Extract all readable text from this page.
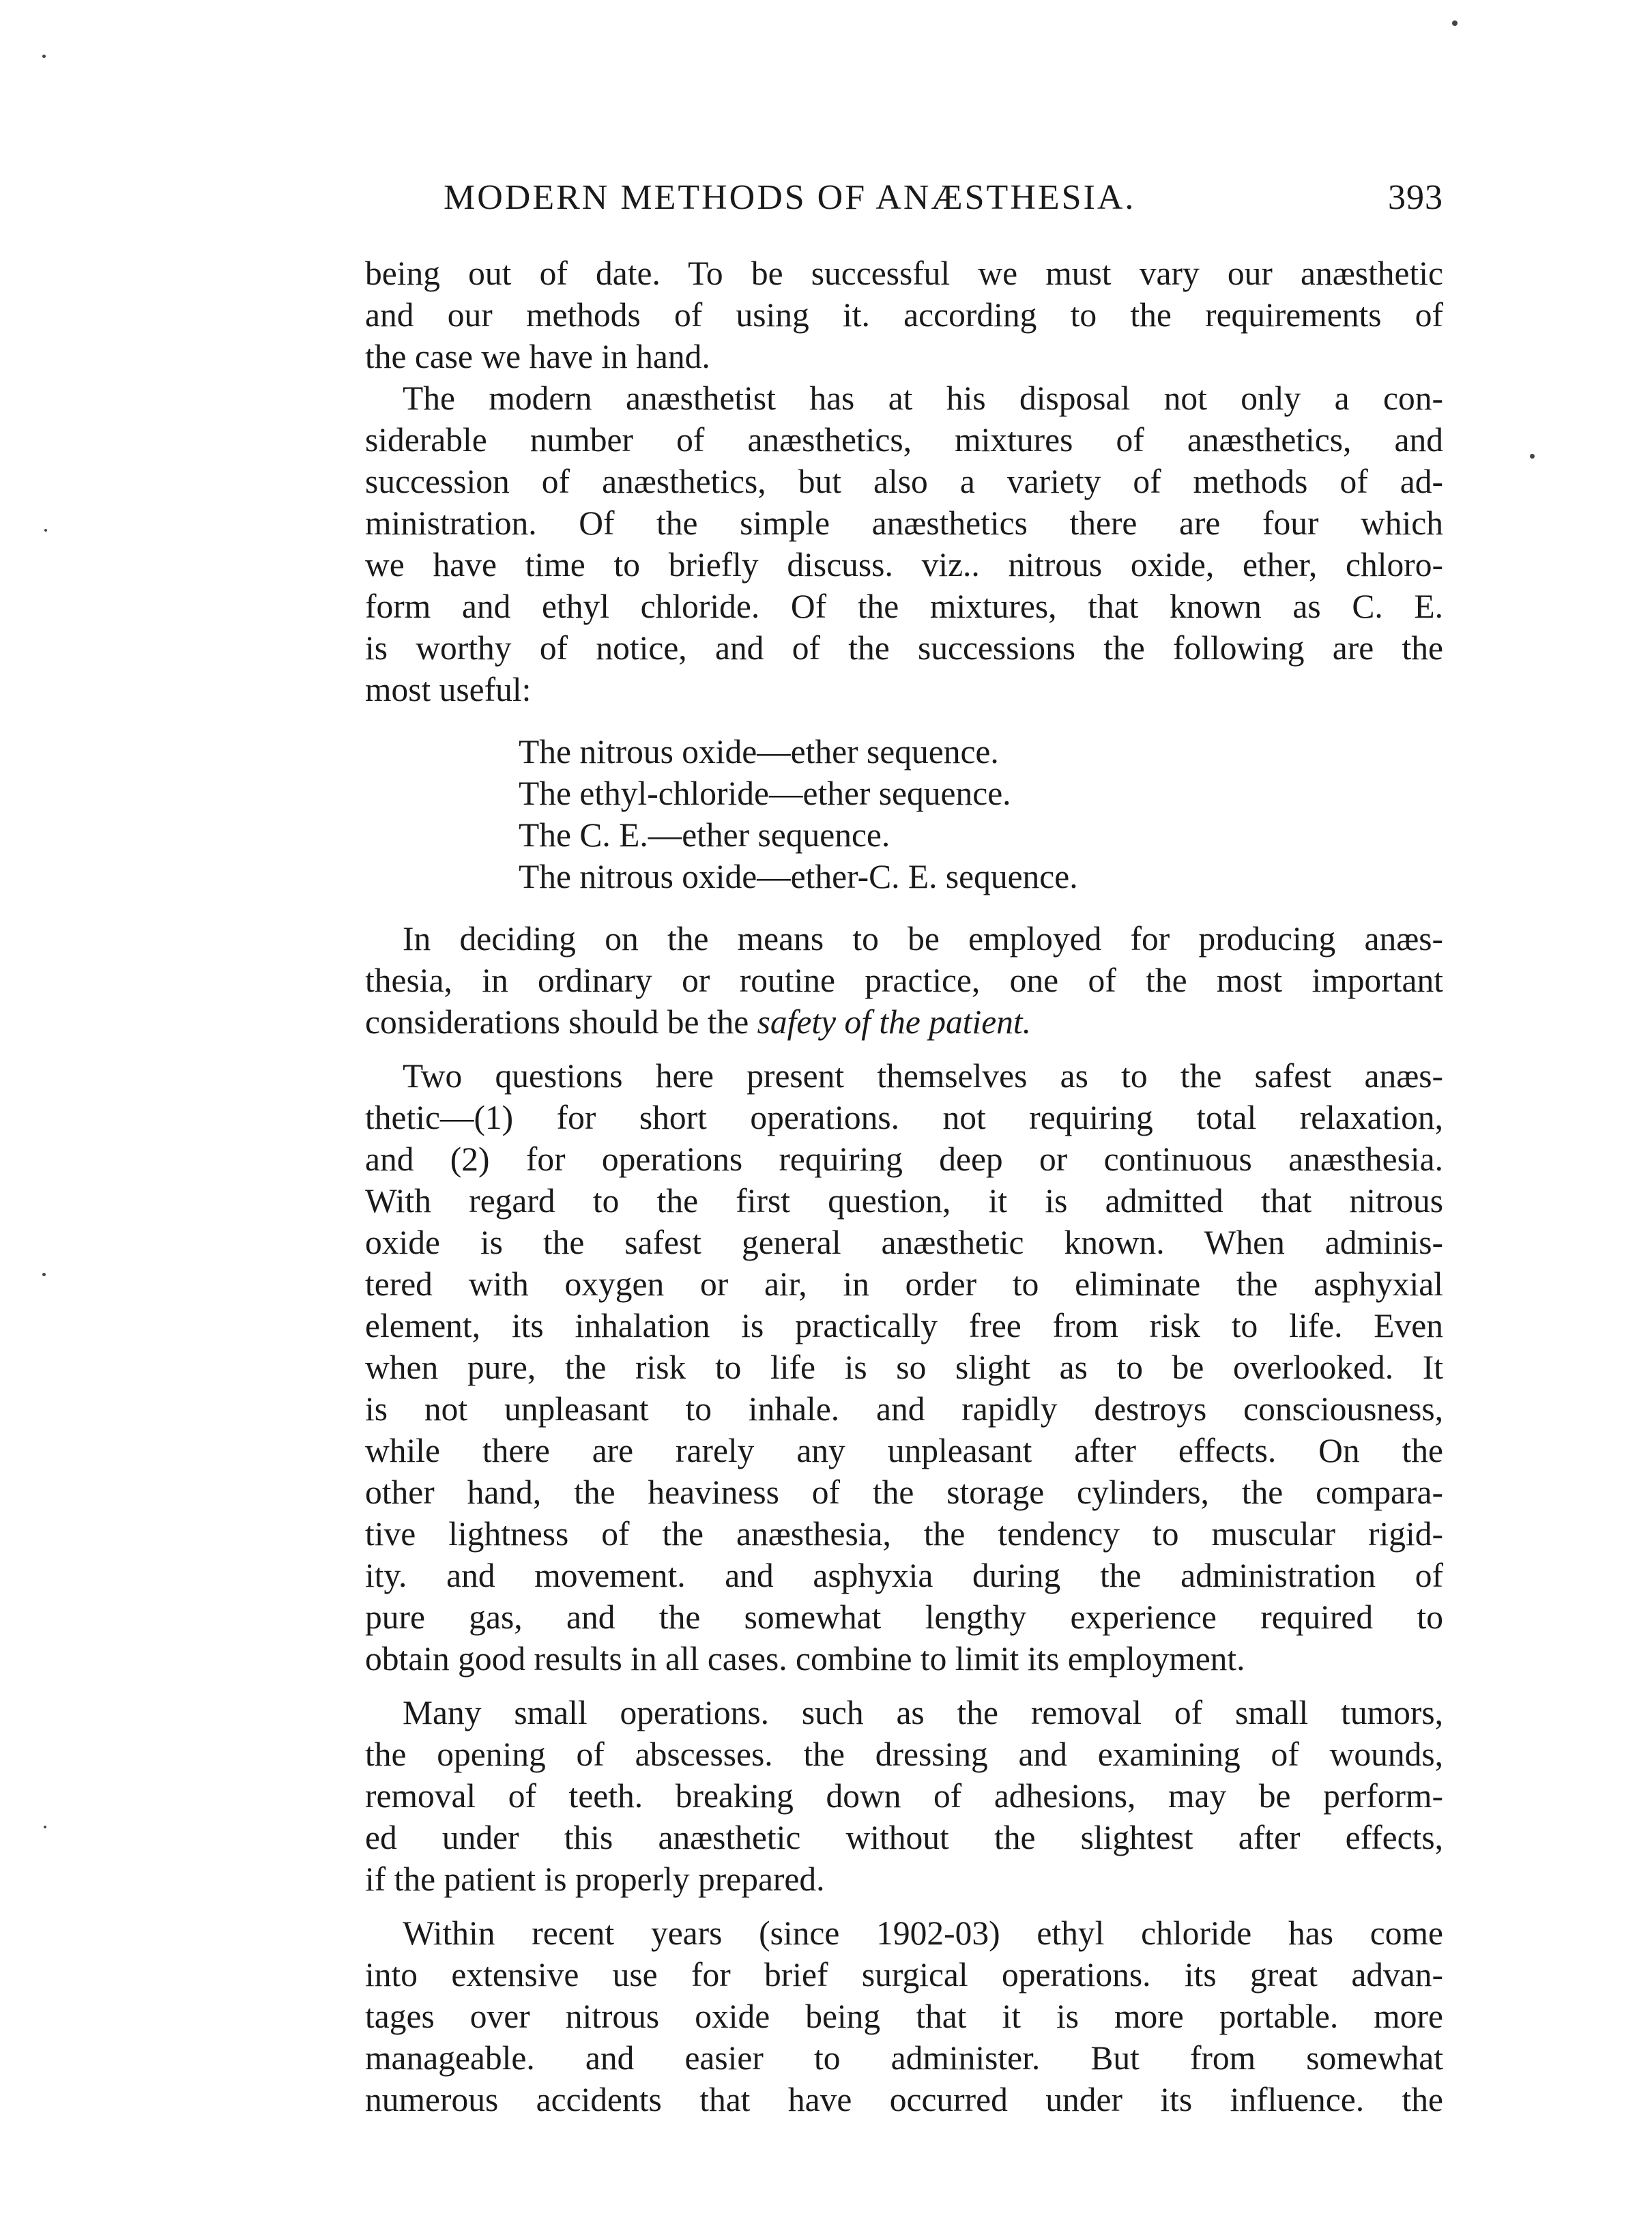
MODERN METHODS OF ANÆSTHESIA.	393

being out of date. To be successful we must vary our anæsthetic
and our methods of using it. according to the requirements of
the case we have in hand.

The modern anæsthetist has at his disposal not only a con-
siderable number of anæsthetics, mixtures of anæsthetics, and
succession of anæsthetics, but also a variety of methods of ad-
ministration. Of the simple anæsthetics there are four which
we have time to briefly discuss. viz.. nitrous oxide, ether, chloro-
form and ethyl chloride. Of the mixtures, that known as C. E.
is worthy of notice, and of the successions the following are the
most useful:

The nitrous oxide—ether sequence.
The ethyl-chloride—ether sequence.
The C. E.—ether sequence.
The nitrous oxide—ether-C. E. sequence.

In deciding on the means to be employed for producing anæs-
thesia, in ordinary or routine practice, one of the most important
considerations should be the safety of the patient.

Two questions here present themselves as to the safest anæs-
thetic—(1) for short operations. not requiring total relaxation,
and (2) for operations requiring deep or continuous anæsthesia.
With regard to the first question, it is admitted that nitrous
oxide is the safest general anæsthetic known. When adminis-
tered with oxygen or air, in order to eliminate the asphyxial
element, its inhalation is practically free from risk to life. Even
when pure, the risk to life is so slight as to be overlooked. It
is not unpleasant to inhale. and rapidly destroys consciousness,
while there are rarely any unpleasant after effects. On the
other hand, the heaviness of the storage cylinders, the compara-
tive lightness of the anæsthesia, the tendency to muscular rigid-
ity. and movement. and asphyxia during the administration of
pure gas, and the somewhat lengthy experience required to
obtain good results in all cases. combine to limit its employment.

Many small operations. such as the removal of small tumors,
the opening of abscesses. the dressing and examining of wounds,
removal of teeth. breaking down of adhesions, may be perform-
ed under this anæsthetic without the slightest after effects,
if the patient is properly prepared.

Within recent years (since 1902-03) ethyl chloride has come
into extensive use for brief surgical operations. its great advan-
tages over nitrous oxide being that it is more portable. more
manageable. and easier to administer. But from somewhat
numerous accidents that have occurred under its influence. the
